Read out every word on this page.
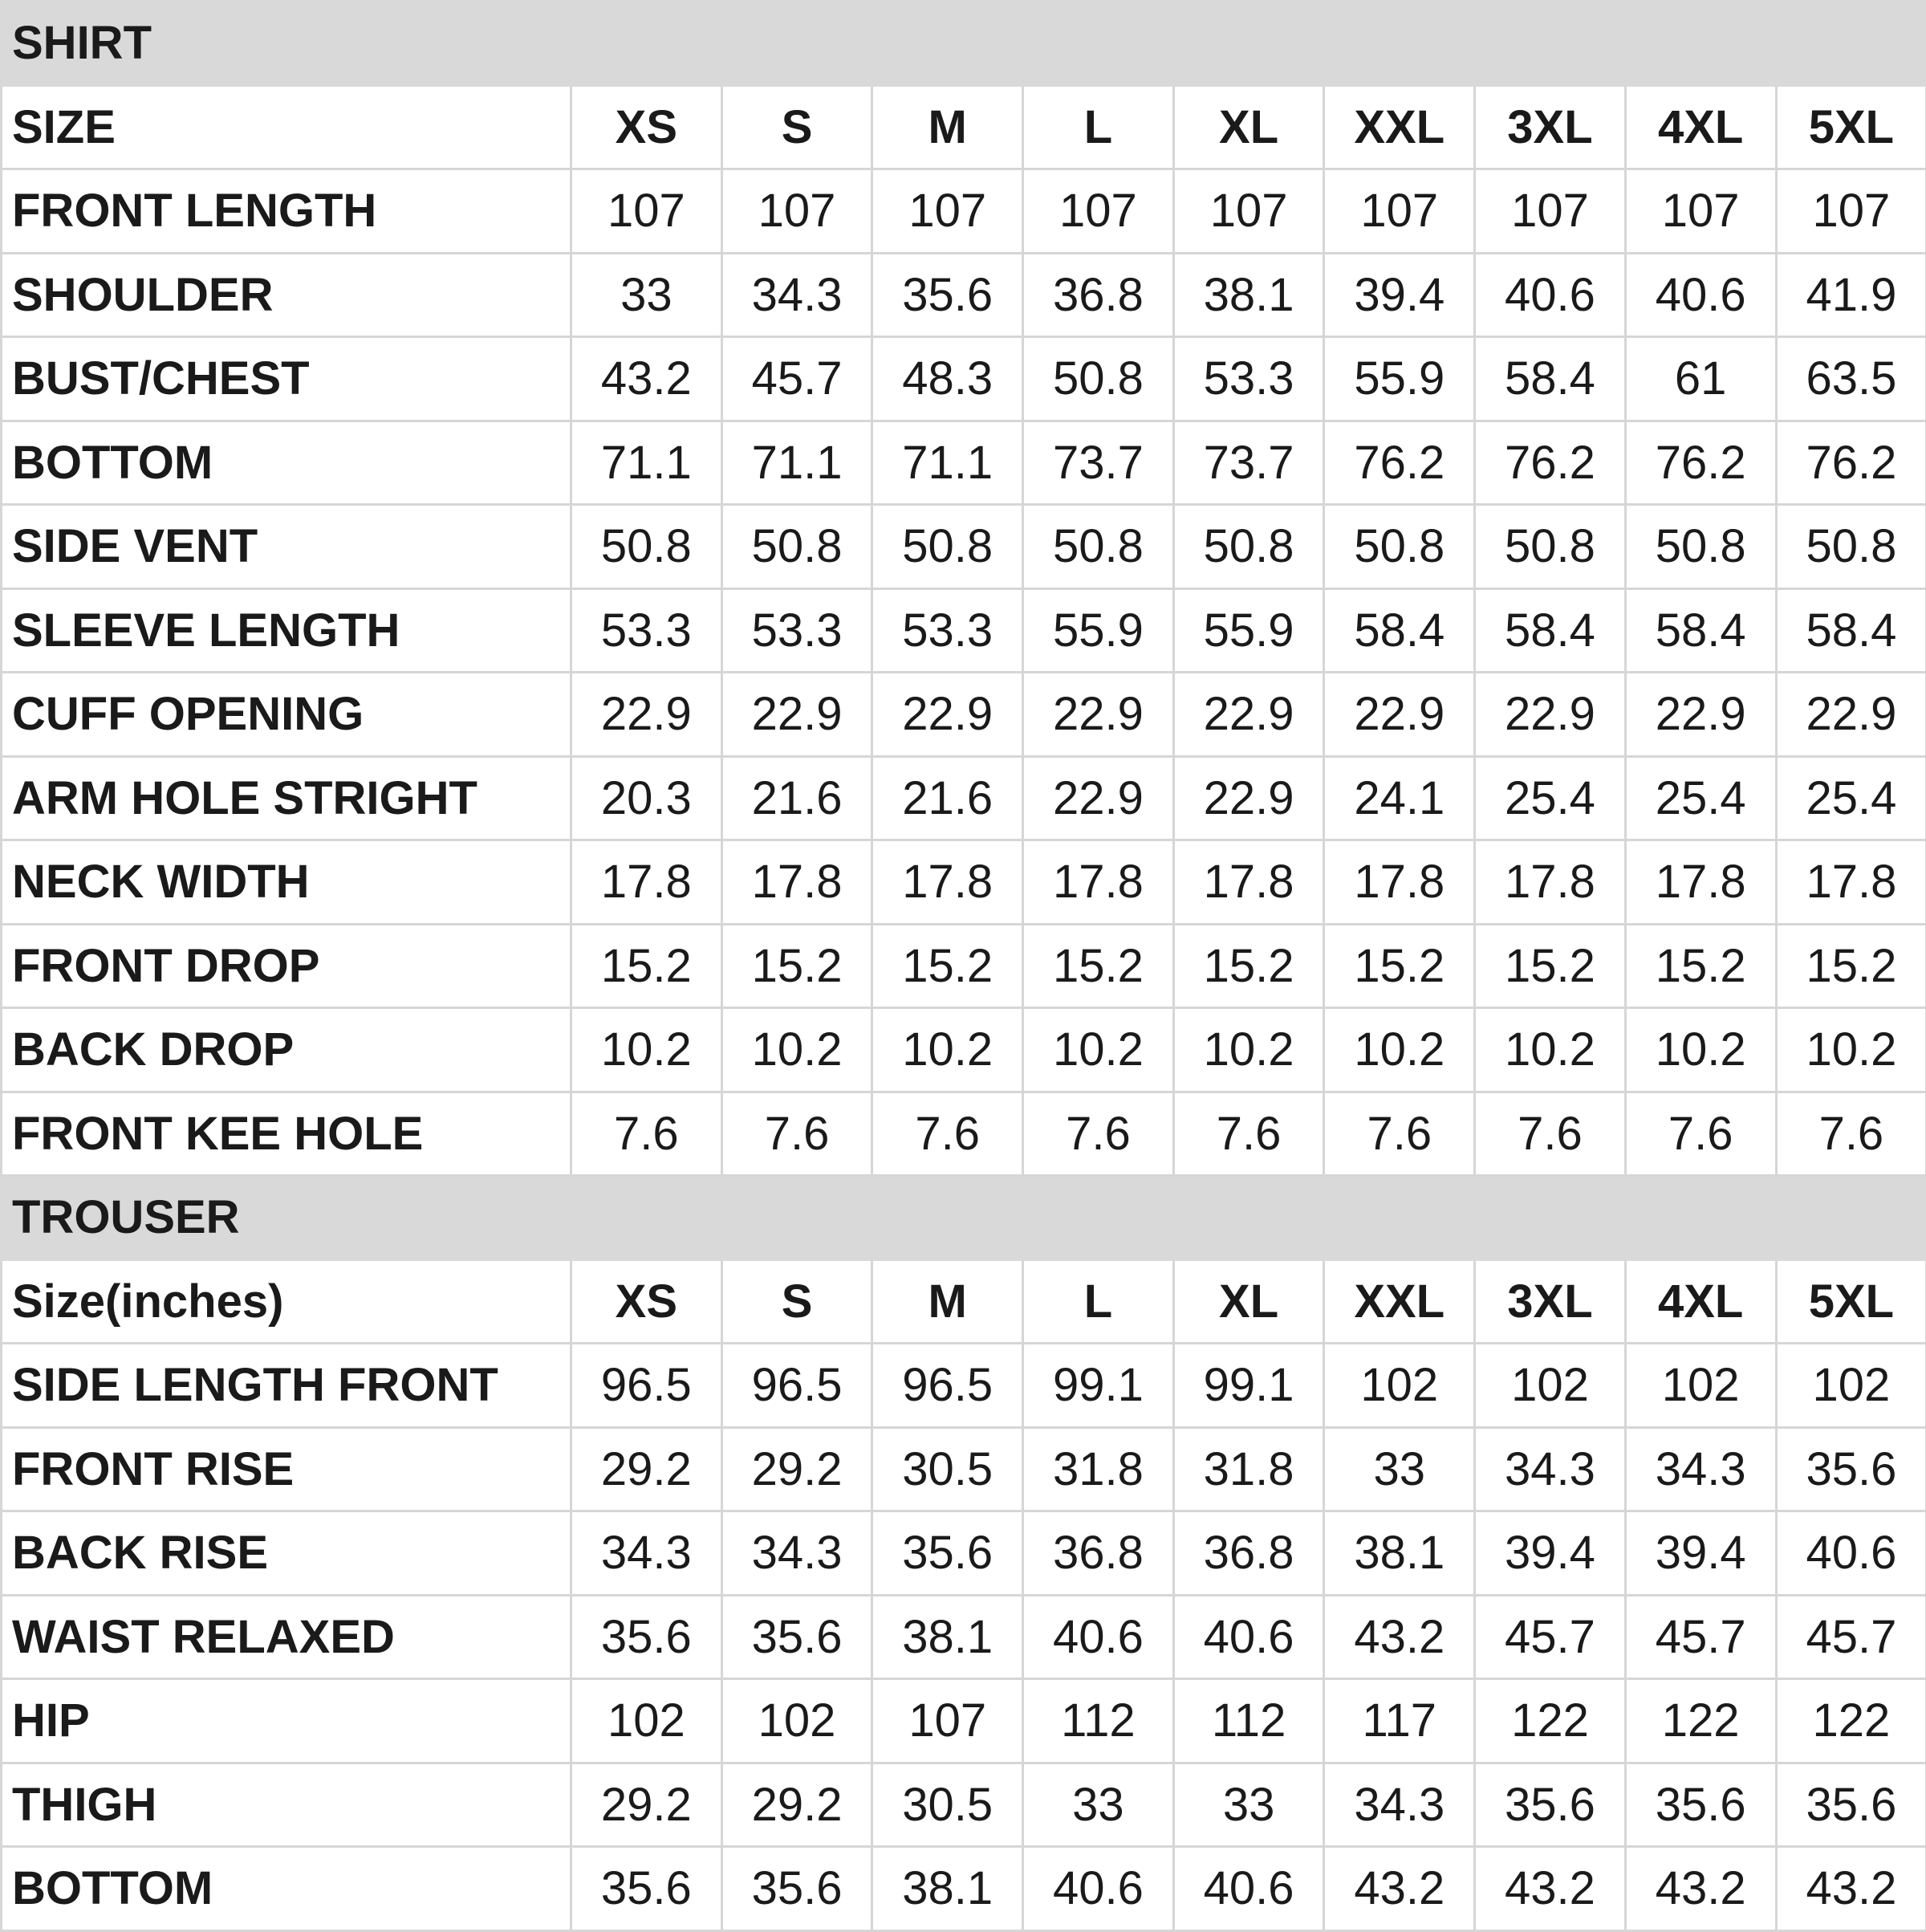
SHIRT									
SIZE	XS	S	M	L	XL	XXL	3XL	4XL	5XL
FRONT LENGTH	107	107	107	107	107	107	107	107	107
SHOULDER	33	34.3	35.6	36.8	38.1	39.4	40.6	40.6	41.9
BUST/CHEST	43.2	45.7	48.3	50.8	53.3	55.9	58.4	61	63.5
BOTTOM	71.1	71.1	71.1	73.7	73.7	76.2	76.2	76.2	76.2
SIDE VENT	50.8	50.8	50.8	50.8	50.8	50.8	50.8	50.8	50.8
SLEEVE LENGTH	53.3	53.3	53.3	55.9	55.9	58.4	58.4	58.4	58.4
CUFF OPENING	22.9	22.9	22.9	22.9	22.9	22.9	22.9	22.9	22.9
ARM HOLE STRIGHT	20.3	21.6	21.6	22.9	22.9	24.1	25.4	25.4	25.4
NECK WIDTH	17.8	17.8	17.8	17.8	17.8	17.8	17.8	17.8	17.8
FRONT DROP	15.2	15.2	15.2	15.2	15.2	15.2	15.2	15.2	15.2
BACK DROP	10.2	10.2	10.2	10.2	10.2	10.2	10.2	10.2	10.2
FRONT KEE HOLE	7.6	7.6	7.6	7.6	7.6	7.6	7.6	7.6	7.6
TROUSER									
Size(inches)	XS	S	M	L	XL	XXL	3XL	4XL	5XL
SIDE LENGTH FRONT	96.5	96.5	96.5	99.1	99.1	102	102	102	102
FRONT RISE	29.2	29.2	30.5	31.8	31.8	33	34.3	34.3	35.6
BACK RISE	34.3	34.3	35.6	36.8	36.8	38.1	39.4	39.4	40.6
WAIST RELAXED	35.6	35.6	38.1	40.6	40.6	43.2	45.7	45.7	45.7
HIP	102	102	107	112	112	117	122	122	122
THIGH	29.2	29.2	30.5	33	33	34.3	35.6	35.6	35.6
BOTTOM	35.6	35.6	38.1	40.6	40.6	43.2	43.2	43.2	43.2
